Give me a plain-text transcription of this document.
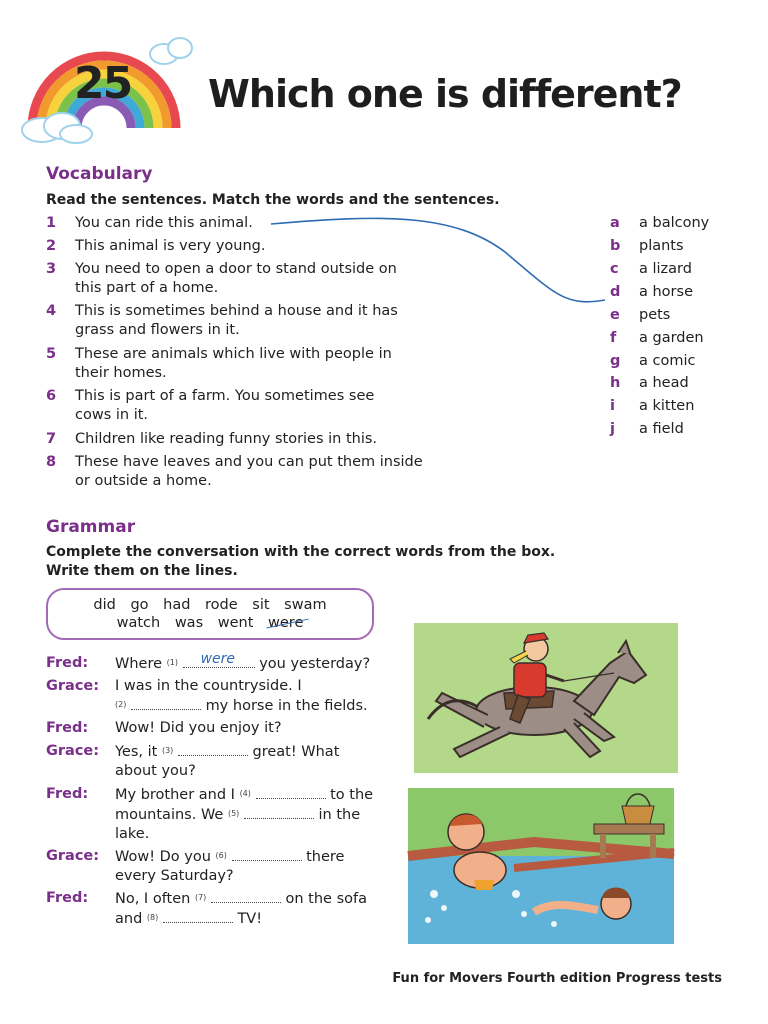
25 Which one is different?
Vocabulary
Read the sentences. Match the words and the sentences.
1 You can ride this animal.
2 This animal is very young.
3 You need to open a door to stand outside on this part of a home.
4 This is sometimes behind a house and it has grass and flowers in it.
5 These are animals which live with people in their homes.
6 This is part of a farm. You sometimes see cows in it.
7 Children like reading funny stories in this.
8 These have leaves and you can put them inside or outside a home.
a a balcony
b plants
c a lizard
d a horse
e pets
f a garden
g a comic
h a head
i a kitten
j a field
Grammar
Complete the conversation with the correct words from the box.
Write them on the lines.
did go had rode sit swam
watch was went were
Fred: Where $^{(1)}$ were you yesterday?
Grace: I was in the countryside. I
$^{(2)}$	my horse in the fields.
Fred: Wow! Did you enjoy it?
Grace: Yes, it $^{(3)}$	great! What about you?
Fred: My brother and I $^{(4)}$	to the mountains. We $^{(5)}$	in the lake.
Grace: Wow! Do you $^{(6)}$	there every Saturday?
Fred: No, I often $^{(7)}$	on the sofa and $^{(8)}$	TV!
Fun for Movers Fourth edition Progress tests
